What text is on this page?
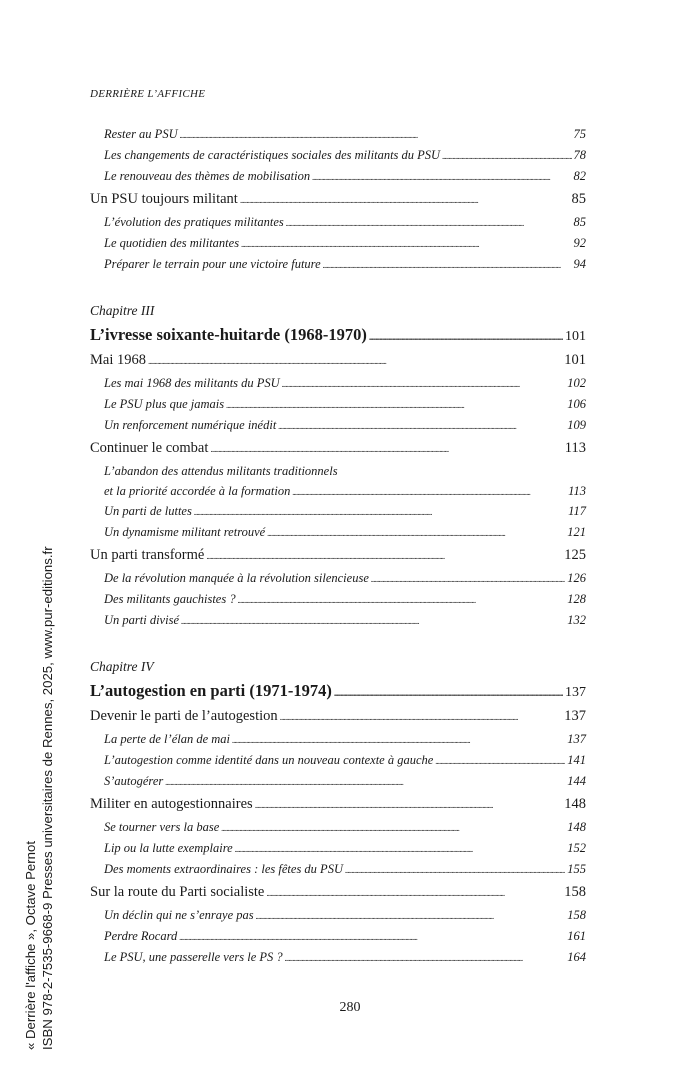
DERRIÈRE L’AFFICHE
Rester au PSU . . .	75
Les changements de caractéristiques sociales des militants du PSU . . .	78
Le renouveau des thèmes de mobilisation . . .	82
Un PSU toujours militant . . .	85
L’évolution des pratiques militantes . . .	85
Le quotidien des militantes . . .	92
Préparer le terrain pour une victoire future . . .	94
Chapitre III
L’ivresse soixante-huitarde (1968-1970) . . .	101
Mai 1968 . . .	101
Les mai 1968 des militants du PSU . . .	102
Le PSU plus que jamais . . .	106
Un renforcement numérique inédit . . .	109
Continuer le combat . . .	113
L’abandon des attendus militants traditionnels
et la priorité accordée à la formation . . .	113
Un parti de luttes . . .	117
Un dynamisme militant retrouvé . . .	121
Un parti transformé . . .	125
De la révolution manquée à la révolution silencieuse . . .	126
Des militants gauchistes ? . . .	128
Un parti divisé . . .	132
Chapitre IV
L’autogestion en parti (1971-1974) . . .	137
Devenir le parti de l’autogestion . . .	137
La perte de l’élan de mai . . .	137
L’autogestion comme identité dans un nouveau contexte à gauche . . .	141
S’autogérer . . .	144
Militer en autogestionnaires . . .	148
Se tourner vers la base . . .	148
Lip ou la lutte exemplaire . . .	152
Des moments extraordinaires : les fêtes du PSU . . .	155
Sur la route du Parti socialiste . . .	158
Un déclin qui ne s’enraye pas . . .	158
Perdre Rocard . . .	161
Le PSU, une passerelle vers le PS ? . . .	164
280
« Derrière l'affiche », Octave Pernot ISBN 978-2-7535-9668-9 Presses universitaires de Rennes, 2025, www.pur-editions.fr
